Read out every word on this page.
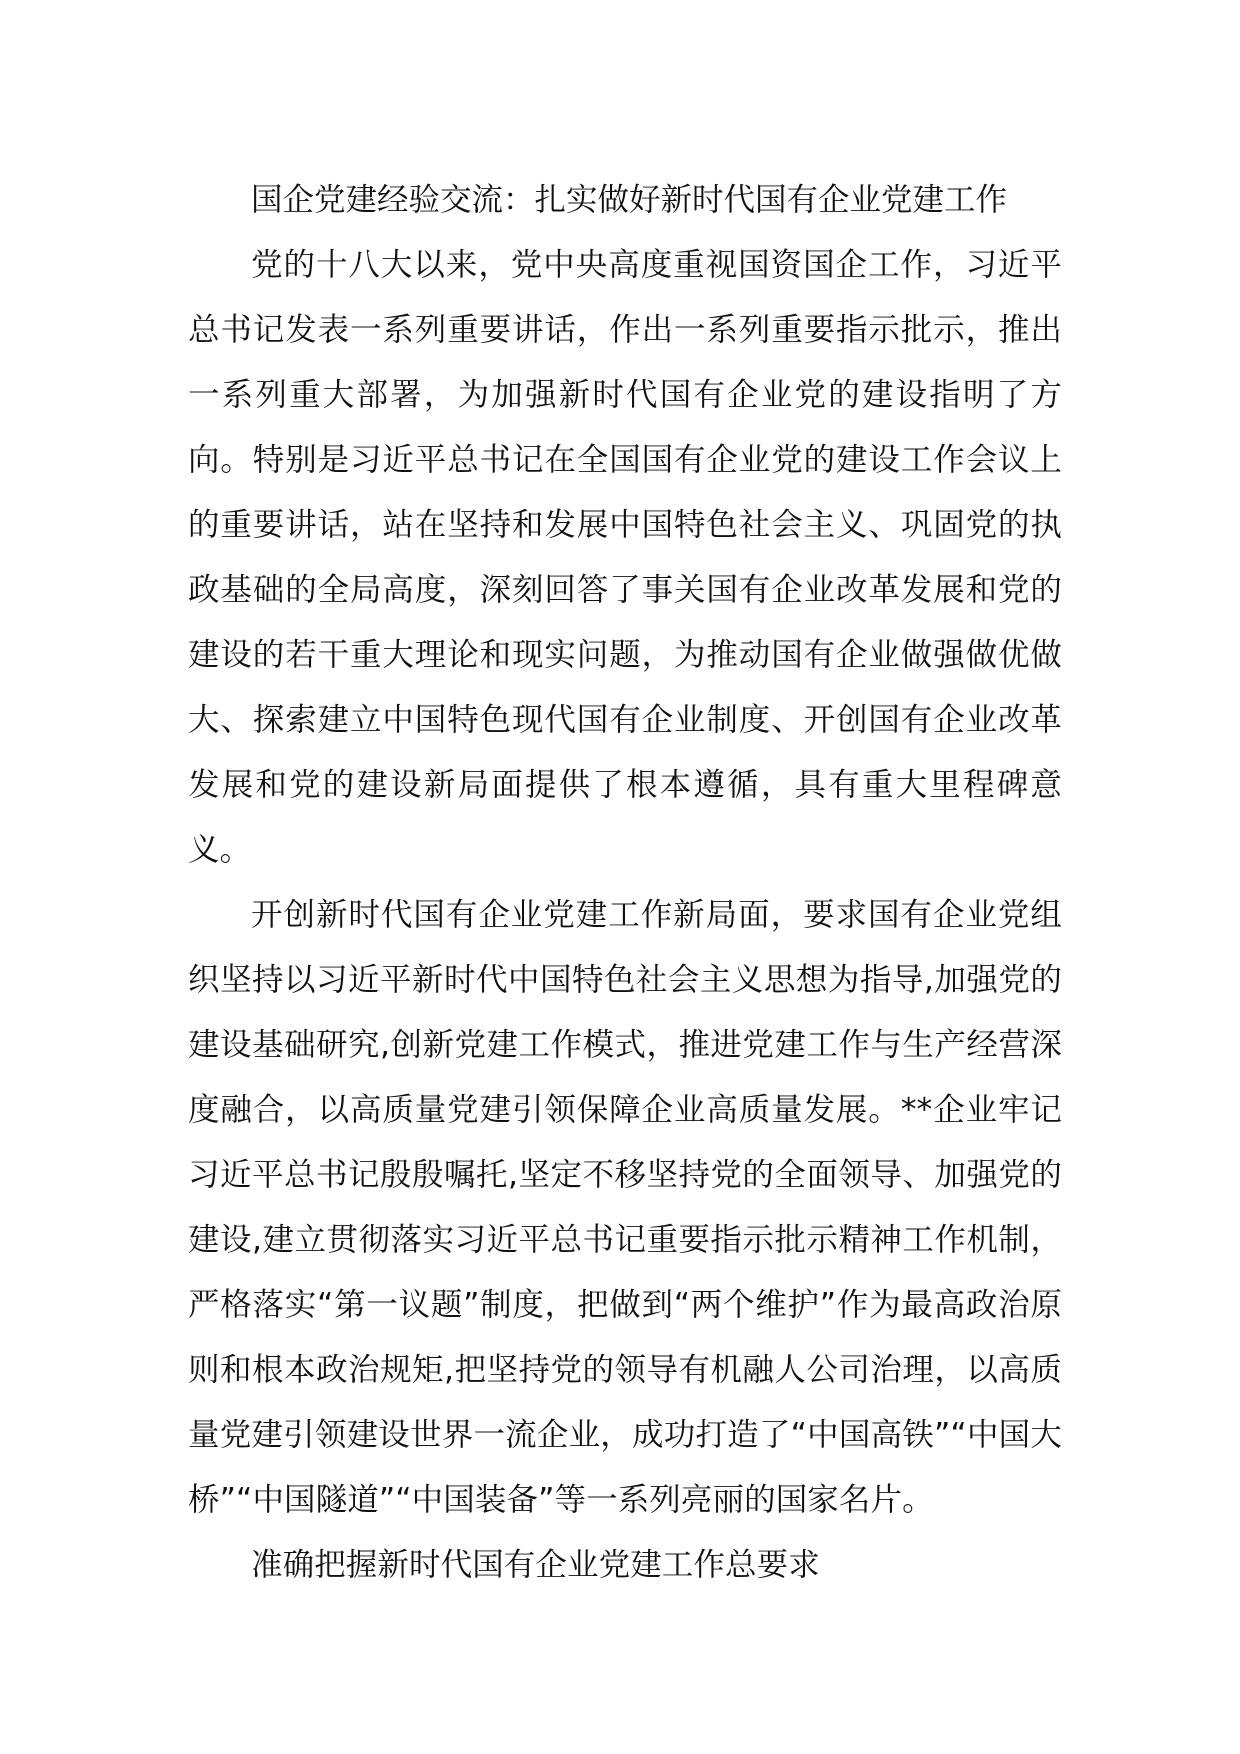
国企党建经验交流：扎实做好新时代国有企业党建工作

党的十八大以来，党中央高度重视国资国企工作，习近平总书记发表一系列重要讲话，作出一系列重要指示批示，推出一系列重大部署，为加强新时代国有企业党的建设指明了方向。特别是习近平总书记在全国国有企业党的建设工作会议上的重要讲话，站在坚持和发展中国特色社会主义、巩固党的执政基础的全局高度，深刻回答了事关国有企业改革发展和党的建设的若干重大理论和现实问题，为推动国有企业做强做优做大、探索建立中国特色现代国有企业制度、开创国有企业改革发展和党的建设新局面提供了根本遵循，具有重大里程碑意义。

开创新时代国有企业党建工作新局面，要求国有企业党组织坚持以习近平新时代中国特色社会主义思想为指导,加强党的建设基础研究,创新党建工作模式，推进党建工作与生产经营深度融合，以高质量党建引领保障企业高质量发展。**企业牢记习近平总书记殷殷嘱托,坚定不移坚持党的全面领导、加强党的建设,建立贯彻落实习近平总书记重要指示批示精神工作机制，严格落实“第一议题”制度，把做到“两个维护”作为最高政治原则和根本政治规矩,把坚持党的领导有机融人公司治理，以高质量党建引领建设世界一流企业，成功打造了“中国高铁”“中国大桥”“中国隧道”“中国装备”等一系列亮丽的国家名片。

准确把握新时代国有企业党建工作总要求
